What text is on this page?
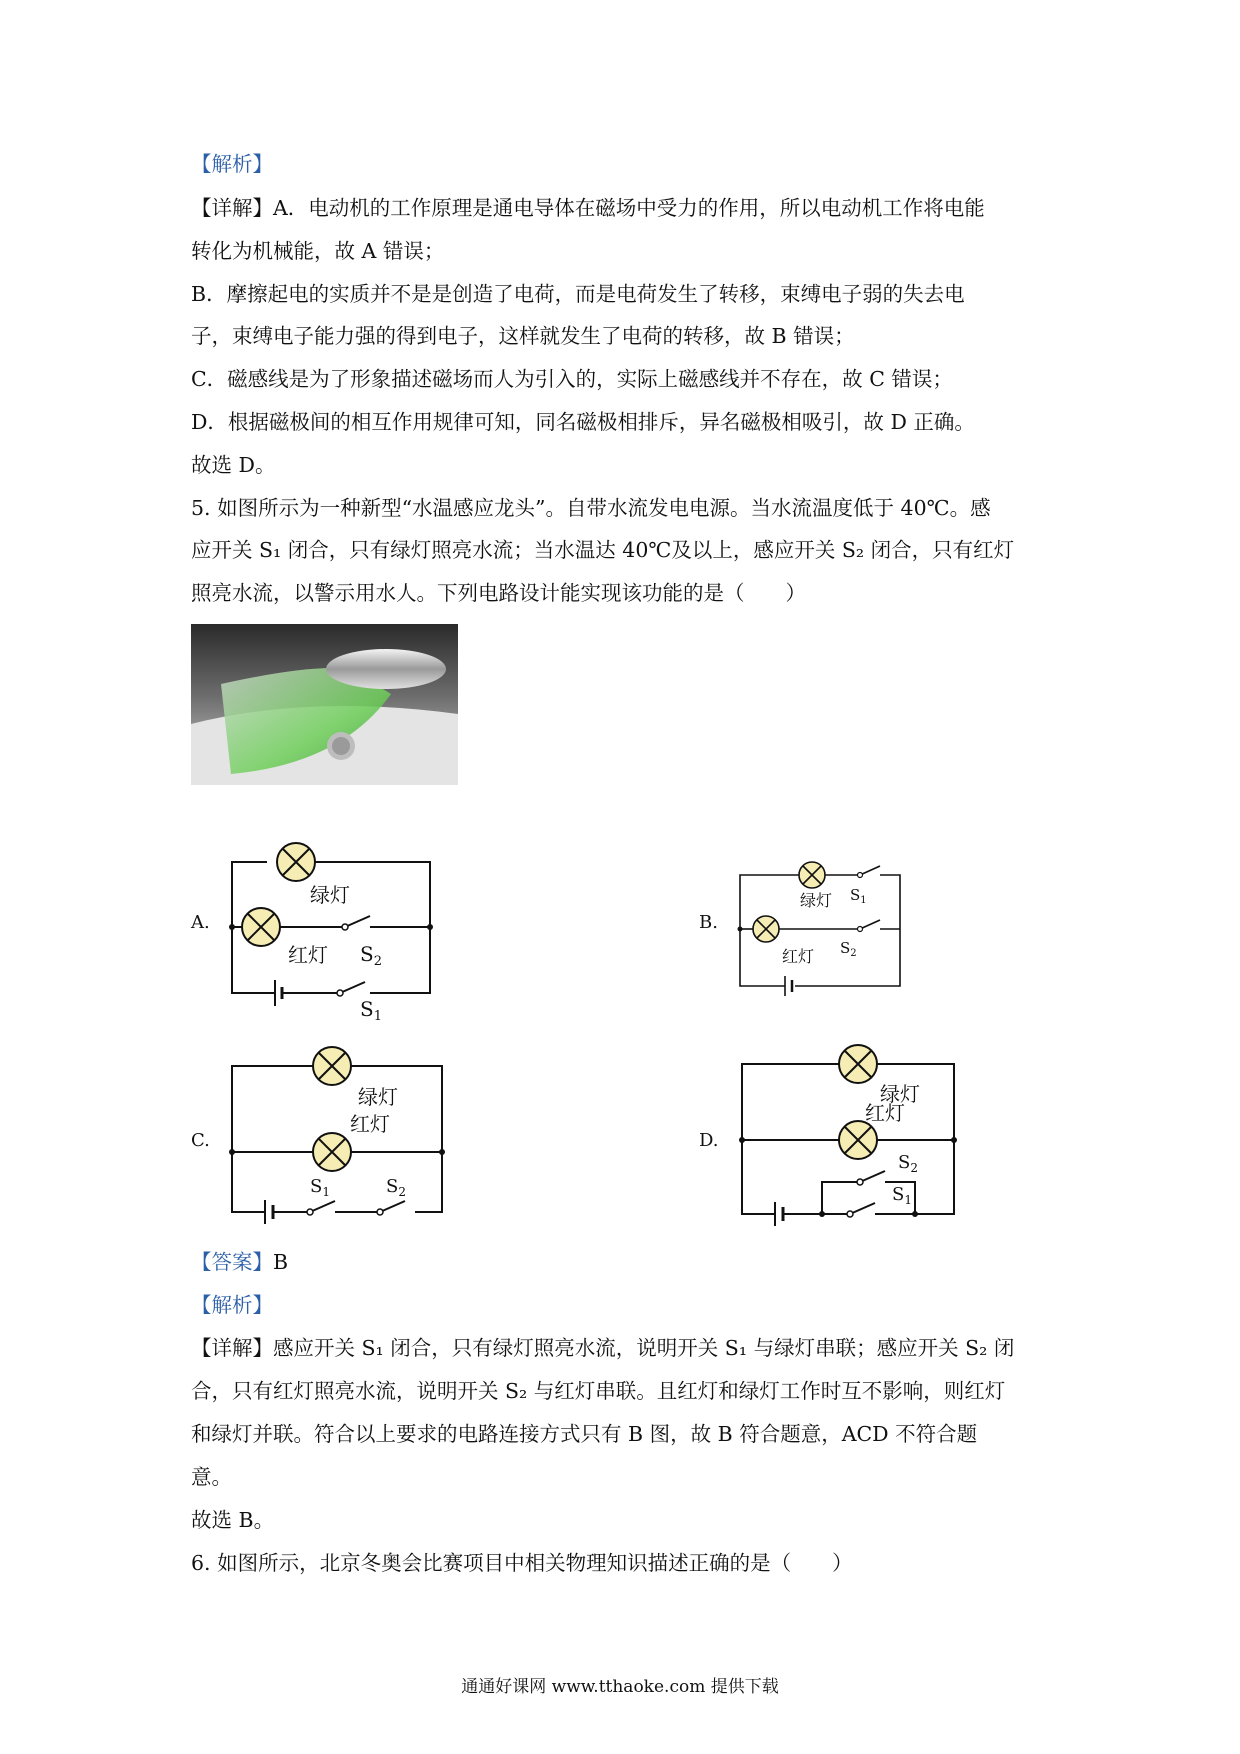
【解析】
【详解】A．电动机的工作原理是通电导体在磁场中受力的作用，所以电动机工作将电能
转化为机械能，故 A 错误；
B．摩擦起电的实质并不是是创造了电荷，而是电荷发生了转移，束缚电子弱的失去电
子，束缚电子能力强的得到电子，这样就发生了电荷的转移，故 B 错误；
C．磁感线是为了形象描述磁场而人为引入的，实际上磁感线并不存在，故 C 错误；
D．根据磁极间的相互作用规律可知，同名磁极相排斥，异名磁极相吸引，故 D 正确。
故选 D。
5. 如图所示为一种新型“水温感应龙头”。自带水流发电电源。当水流温度低于 40℃。感
应开关 S₁ 闭合，只有绿灯照亮水流；当水温达 40℃及以上，感应开关 S₂ 闭合，只有红灯
照亮水流，以警示用水人。下列电路设计能实现该功能的是（　　）
A.
绿灯
红灯 $S_2$
$S_1$
B.
绿灯
红灯
$S_1$
$S_2$
C.
绿灯
红灯
$S_1$	$S_2$
D.
绿灯
红灯
$S_2$
$S_1$
【答案】B
【解析】
【详解】感应开关 S₁ 闭合，只有绿灯照亮水流，说明开关 S₁ 与绿灯串联；感应开关 S₂ 闭
合，只有红灯照亮水流，说明开关 S₂ 与红灯串联。且红灯和绿灯工作时互不影响，则红灯
和绿灯并联。符合以上要求的电路连接方式只有 B 图，故 B 符合题意，ACD 不符合题
意。
故选 B。
6. 如图所示，北京冬奥会比赛项目中相关物理知识描述正确的是（　　）
通通好课网 www.tthaoke.com 提供下载
